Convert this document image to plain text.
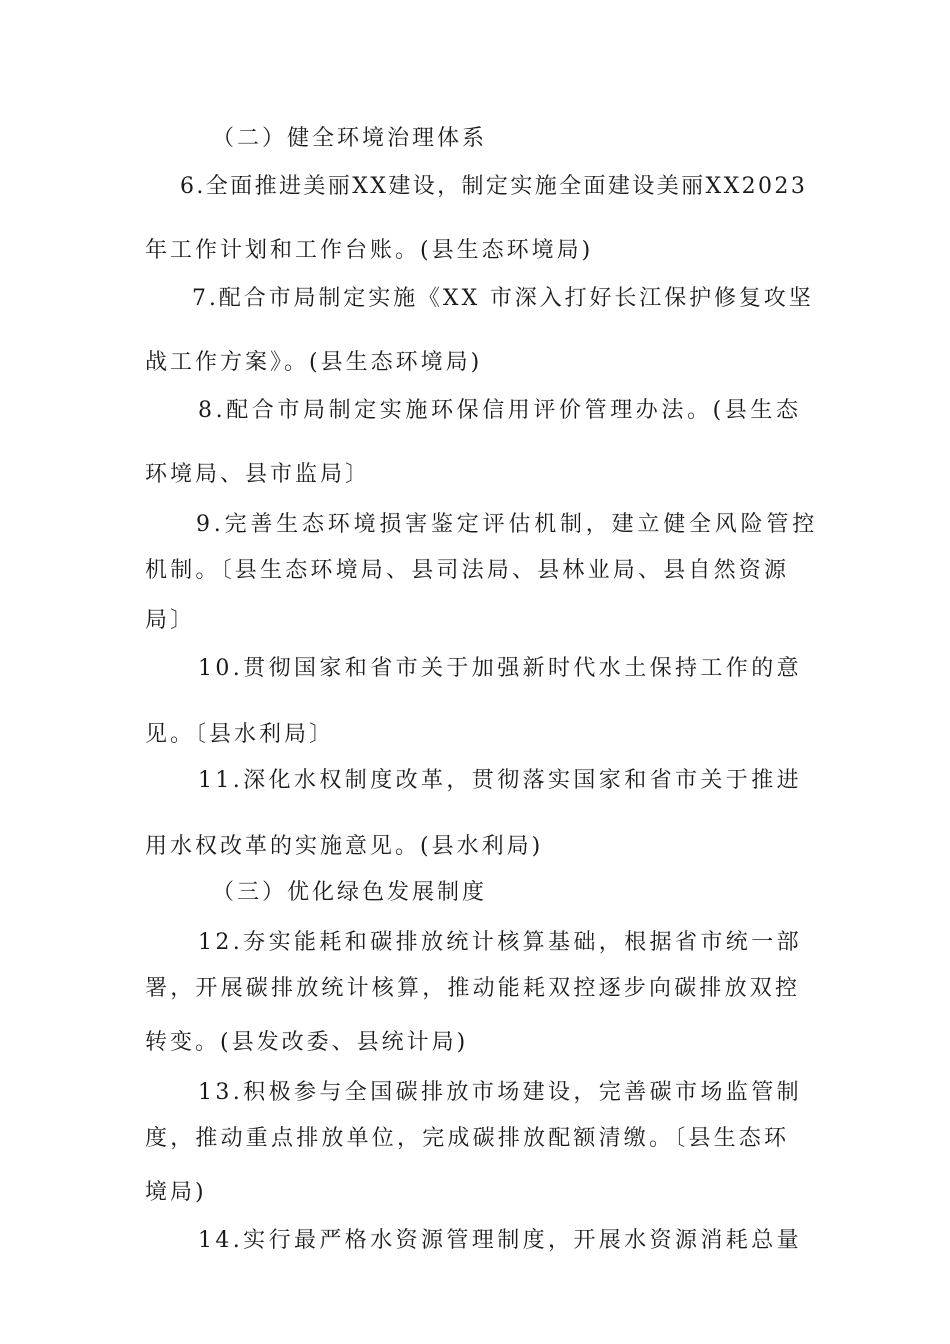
（二）健全环境治理体系
6.全面推进美丽XX建设，制定实施全面建设美丽XX2023
年工作计划和工作台账。(县生态环境局)
7.配合市局制定实施《XX 市深入打好长江保护修复攻坚
战工作方案》。(县生态环境局)
8.配合市局制定实施环保信用评价管理办法。(县生态
环境局、县市监局〕
9.完善生态环境损害鉴定评估机制，建立健全风险管控
机制。〔县生态环境局、县司法局、县林业局、县自然资源
局〕
10.贯彻国家和省市关于加强新时代水土保持工作的意
见。〔县水利局〕
11.深化水权制度改革，贯彻落实国家和省市关于推进
用水权改革的实施意见。(县水利局)
（三）优化绿色发展制度
12.夯实能耗和碳排放统计核算基础，根据省市统一部
署，开展碳排放统计核算，推动能耗双控逐步向碳排放双控
转变。(县发改委、县统计局)
13.积极参与全国碳排放市场建设，完善碳市场监管制
度，推动重点排放单位，完成碳排放配额清缴。〔县生态环
境局)
14.实行最严格水资源管理制度，开展水资源消耗总量
